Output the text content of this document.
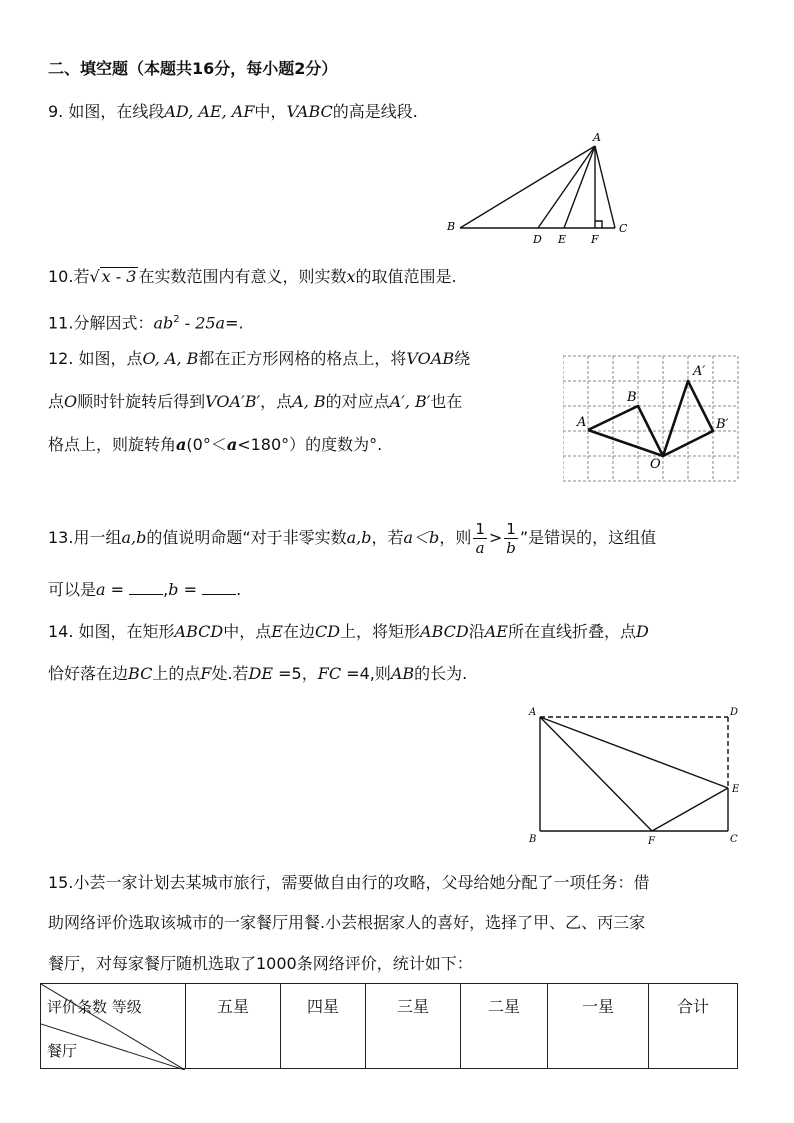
二、填空题（本题共16分，每小题2分）
9. 如图，在线段AD, AE, AF中，VABC的高是线段.
A
B	C
D E F
10.若√ x - 3 在实数范围内有意义，则实数x的取值范围是.
11.分解因式：$ab^2 - 25a=$.
12. 如图，点O, A, B都在正方形网格的格点上，将VOAB绕
点O顺时针旋转后得到VOA′B′，点A, B的对应点A′, B′也在
格点上，则旋转角a(0°＜a<180°）的度数为°.
A
B
O
A′
B′
13.用一组a,b的值说明命题“对于非零实数a,b，若a＜b，则 $\frac{1}{a} > \frac{1}{b}$ ”是错误的，这组值
可以是a = ,b = .
14. 如图，在矩形ABCD中，点E在边CD上，将矩形ABCD沿AE所在直线折叠，点D
恰好落在边BC上的点F处.若DE =5，FC =4,则AB的长为.
A	D
E
B	F	C
15.小芸一家计划去某城市旅行，需要做自由行的攻略，父母给她分配了一项任务：借
助网络评价选取该城市的一家餐厅用餐.小芸根据家人的喜好，选择了甲、乙、丙三家
餐厅，对每家餐厅随机选取了1000条网络评价，统计如下：
评价条数 等级
餐厅
	五星	四星	三星	二星	一星	合计
